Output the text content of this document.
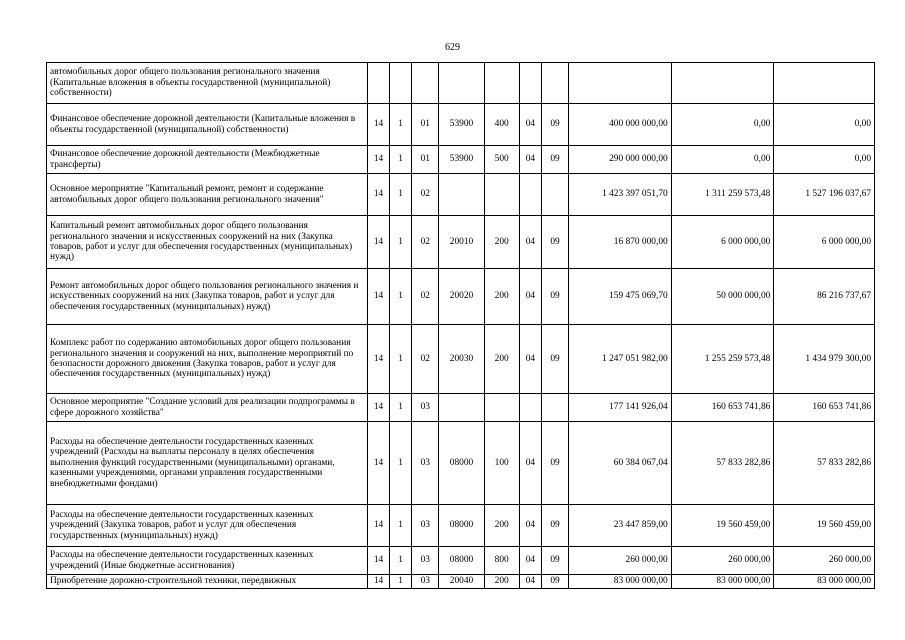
629
автомобильных дорог общего пользования регионального значения (Капитальные вложения в объекты государственной (муниципальной) собственности)										
Финансовое обеспечение дорожной деятельности (Капитальные вложения в объекты государственной (муниципальной) собственности)	14	1	01	53900	400	04	09	400 000 000,00	0,00	0,00
Финансовое обеспечение дорожной деятельности (Межбюджетные трансферты)	14	1	01	53900	500	04	09	290 000 000,00	0,00	0,00
Основное мероприятие "Капитальный ремонт, ремонт и содержание автомобильных дорог общего пользования регионального значения"	14	1	02					1 423 397 051,70	1 311 259 573,48	1 527 196 037,67
Капитальный ремонт автомобильных дорог общего пользования регионального значения и искусственных сооружений на них (Закупка товаров, работ и услуг для обеспечения государственных (муниципальных) нужд)	14	1	02	20010	200	04	09	16 870 000,00	6 000 000,00	6 000 000,00
Ремонт автомобильных дорог общего пользования регионального значения и искусственных сооружений на них (Закупка товаров, работ и услуг для обеспечения государственных (муниципальных) нужд)	14	1	02	20020	200	04	09	159 475 069,70	50 000 000,00	86 216 737,67
Комплекс работ по содержанию автомобильных дорог общего пользования регионального значения и сооружений на них, выполнение мероприятий по безопасности дорожного движения (Закупка товаров, работ и услуг для обеспечения государственных (муниципальных) нужд)	14	1	02	20030	200	04	09	1 247 051 982,00	1 255 259 573,48	1 434 979 300,00
Основное мероприятие "Создание условий для реализации подпрограммы в сфере дорожного хозяйства"	14	1	03					177 141 926,04	160 653 741,86	160 653 741,86
Расходы на обеспечение деятельности государственных казенных учреждений (Расходы на выплаты персоналу в целях обеспечения выполнения функций государственными (муниципальными) органами, казенными учреждениями, органами управления государственными внебюджетными фондами)	14	1	03	08000	100	04	09	60 384 067,04	57 833 282,86	57 833 282,86
Расходы на обеспечение деятельности государственных казенных учреждений (Закупка товаров, работ и услуг для обеспечения государственных (муниципальных) нужд)	14	1	03	08000	200	04	09	23 447 859,00	19 560 459,00	19 560 459,00
Расходы на обеспечение деятельности государственных казенных учреждений (Иные бюджетные ассигнования)	14	1	03	08000	800	04	09	260 000,00	260 000,00	260 000,00
Приобретение дорожно-строительной техники, передвижных	14	1	03	20040	200	04	09	83 000 000,00	83 000 000,00	83 000 000,00
